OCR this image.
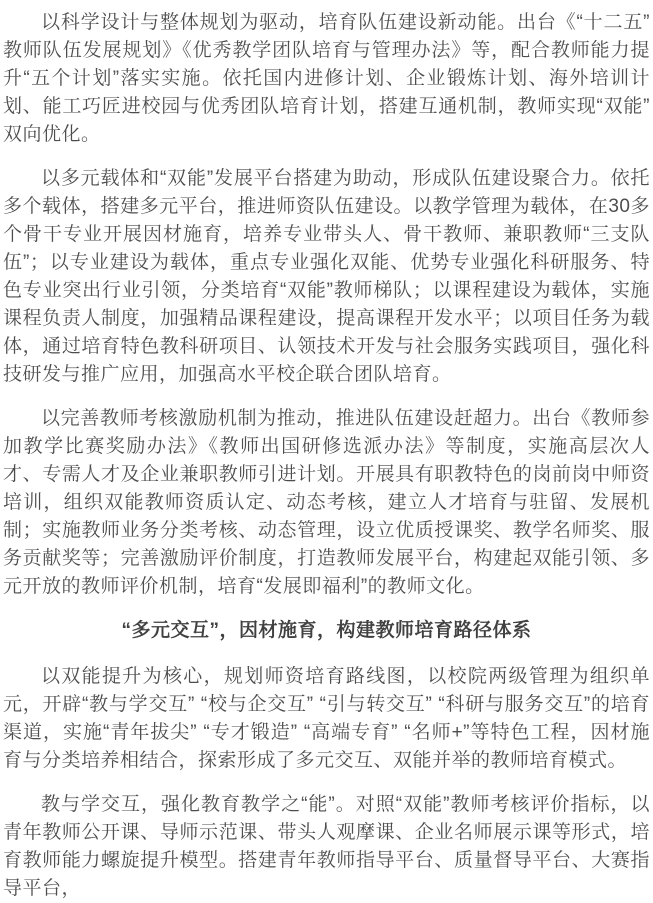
以科学设计与整体规划为驱动，培育队伍建设新动能。出台《“十二五”教师队伍发展规划》《优秀教学团队培育与管理办法》等，配合教师能力提升“五个计划”落实实施。依托国内进修计划、企业锻炼计划、海外培训计划、能工巧匠进校园与优秀团队培育计划，搭建互通机制，教师实现“双能”双向优化。

以多元载体和“双能”发展平台搭建为助动，形成队伍建设聚合力。依托多个载体，搭建多元平台，推进师资队伍建设。以教学管理为载体，在30多个骨干专业开展因材施育，培养专业带头人、骨干教师、兼职教师“三支队伍”；以专业建设为载体，重点专业强化双能、优势专业强化科研服务、特色专业突出行业引领，分类培育“双能”教师梯队；以课程建设为载体，实施课程负责人制度，加强精品课程建设，提高课程开发水平；以项目任务为载体，通过培育特色教科研项目、认领技术开发与社会服务实践项目，强化科技研发与推广应用，加强高水平校企联合团队培育。

以完善教师考核激励机制为推动，推进队伍建设赶超力。出台《教师参加教学比赛奖励办法》《教师出国研修选派办法》等制度，实施高层次人才、专需人才及企业兼职教师引进计划。开展具有职教特色的岗前岗中师资培训，组织双能教师资质认定、动态考核，建立人才培育与驻留、发展机制；实施教师业务分类考核、动态管理，设立优质授课奖、教学名师奖、服务贡献奖等；完善激励评价制度，打造教师发展平台，构建起双能引领、多元开放的教师评价机制，培育“发展即福利”的教师文化。

“多元交互”，因材施育，构建教师培育路径体系

以双能提升为核心，规划师资培育路线图，以校院两级管理为组织单元，开辟“教与学交互” “校与企交互” “引与转交互” “科研与服务交互”的培育渠道，实施“青年拔尖” “专才锻造” “高端专育” “名师+”等特色工程，因材施育与分类培养相结合，探索形成了多元交互、双能并举的教师培育模式。

教与学交互，强化教育教学之“能”。对照“双能”教师考核评价指标，以青年教师公开课、导师示范课、带头人观摩课、企业名师展示课等形式，培育教师能力螺旋提升模型。搭建青年教师指导平台、质量督导平台、大赛指导平台，
